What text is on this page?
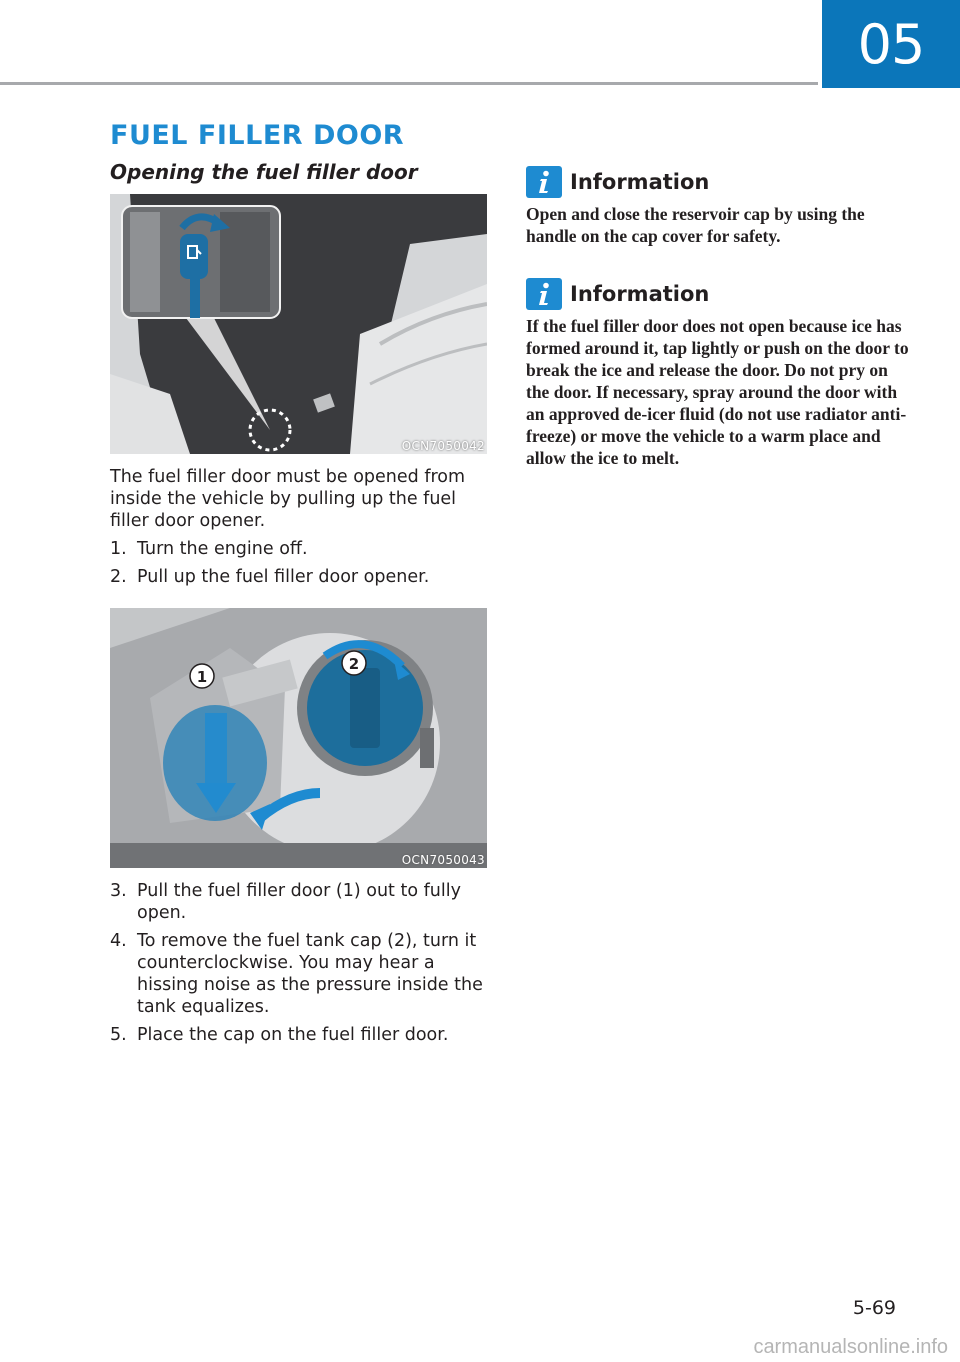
05
FUEL FILLER DOOR
Opening the fuel filler door
OCN7050042

The fuel filler door must be opened from inside the vehicle by pulling up the fuel filler door opener.

1. Turn the engine off.
2. Pull up the fuel filler door opener.
1
2
OCN7050043
3. Pull the fuel filler door (1) out to fully open.
4. To remove the fuel tank cap (2), turn it counterclockwise. You may hear a hissing noise as the pressure inside the tank equalizes.
5. Place the cap on the fuel filler door.
Information

Open and close the reservoir cap by using the handle on the cap cover for safety.

Information

If the fuel filler door does not open because ice has formed around it, tap lightly or push on the door to break the ice and release the door. Do not pry on the door. If necessary, spray around the door with an approved de-icer fluid (do not use radiator anti-freeze) or move the vehicle to a warm place and allow the ice to melt.

5-69
carmanualsonline.info
